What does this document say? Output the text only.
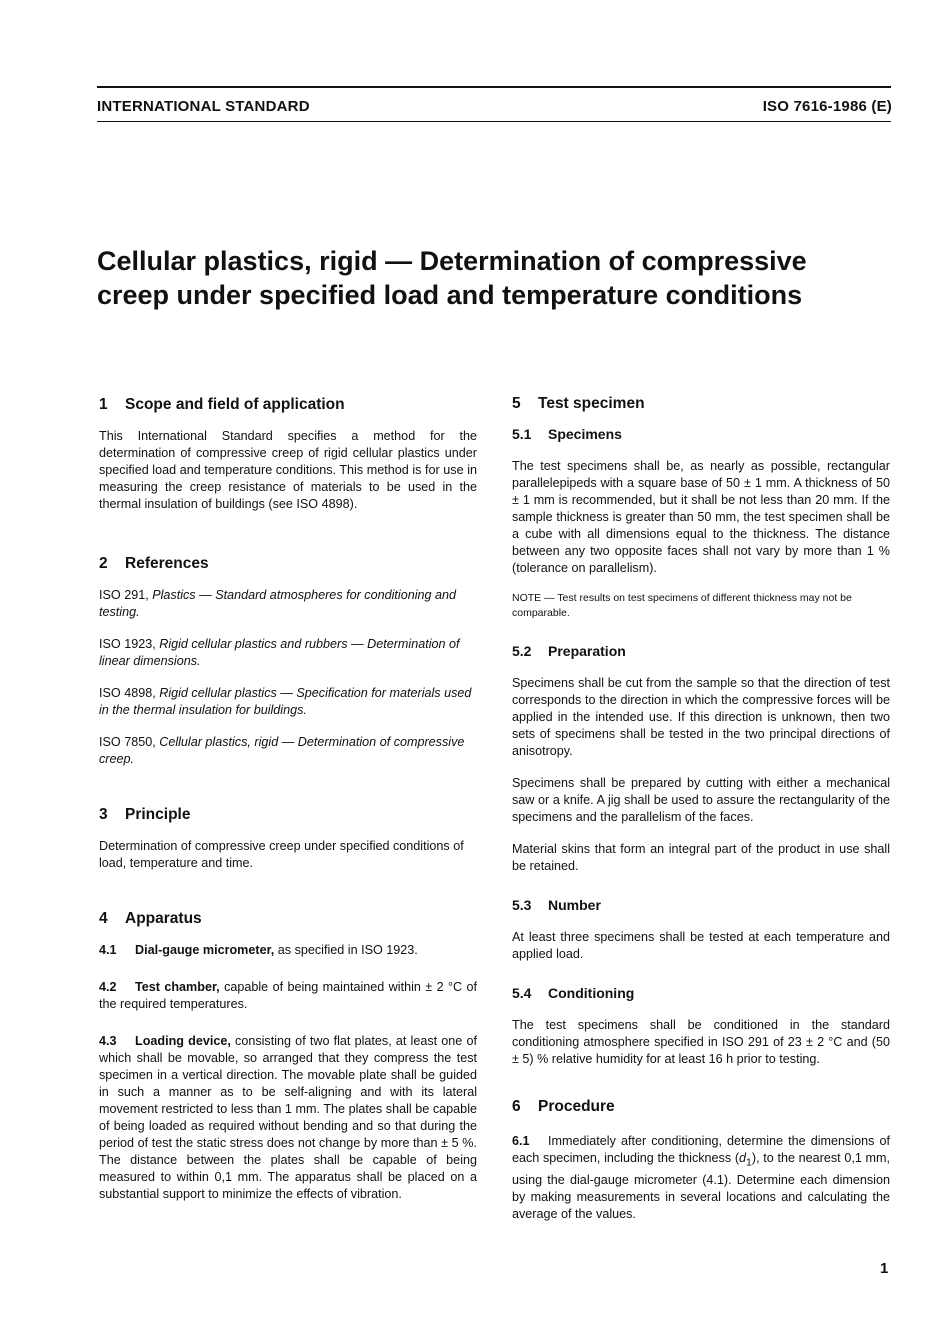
INTERNATIONAL STANDARD	ISO 7616-1986 (E)
Cellular plastics, rigid — Determination of compressive
creep under specified load and temperature conditions
1 Scope and field of application

This International Standard specifies a method for the determination of compressive creep of rigid cellular plastics under specified load and temperature conditions. This method is for use in measuring the creep resistance of materials to be used in the thermal insulation of buildings (see ISO 4898).

2 References

ISO 291, Plastics — Standard atmospheres for conditioning and testing.

ISO 1923, Rigid cellular plastics and rubbers — Determination of linear dimensions.

ISO 4898, Rigid cellular plastics — Specification for materials used in the thermal insulation for buildings.

ISO 7850, Cellular plastics, rigid — Determination of compressive creep.

3 Principle

Determination of compressive creep under specified conditions of load, temperature and time.

4 Apparatus

4.1 Dial-gauge micrometer, as specified in ISO 1923.

4.2 Test chamber, capable of being maintained within ± 2 °C of the required temperatures.

4.3 Loading device, consisting of two flat plates, at least one of which shall be movable, so arranged that they compress the test specimen in a vertical direction. The movable plate shall be guided in such a manner as to be self-aligning and with its lateral movement restricted to less than 1 mm. The plates shall be capable of being loaded as required without bending and so that during the period of test the static stress does not change by more than ± 5 %. The distance between the plates shall be capable of being measured to within 0,1 mm. The apparatus shall be placed on a substantial support to minimize the effects of vibration.

5 Test specimen
5.1 Specimens

The test specimens shall be, as nearly as possible, rectangular parallelepipeds with a square base of 50 ± 1 mm. A thickness of 50 ± 1 mm is recommended, but it shall be not less than 20 mm. If the sample thickness is greater than 50 mm, the test specimen shall be a cube with all dimensions equal to the thickness. The distance between any two opposite faces shall not vary by more than 1 % (tolerance on parallelism).

NOTE — Test results on test specimens of different thickness may not be comparable.

5.2 Preparation

Specimens shall be cut from the sample so that the direction of test corresponds to the direction in which the compressive forces will be applied in the intended use. If this direction is unknown, then two sets of specimens shall be tested in the two principal directions of anisotropy.

Specimens shall be prepared by cutting with either a mechanical saw or a knife. A jig shall be used to assure the rectangularity of the specimens and the parallelism of the faces.

Material skins that form an integral part of the product in use shall be retained.

5.3 Number

At least three specimens shall be tested at each temperature and applied load.

5.4 Conditioning

The test specimens shall be conditioned in the standard conditioning atmosphere specified in ISO 291 of 23 ± 2 °C and (50 ± 5) % relative humidity for at least 16 h prior to testing.

6 Procedure

6.1 Immediately after conditioning, determine the dimensions of each specimen, including the thickness $(d_1)$, to the nearest 0,1 mm, using the dial-gauge micrometer (4.1). Determine each dimension by making measurements in several locations and calculating the average of the values.

1
